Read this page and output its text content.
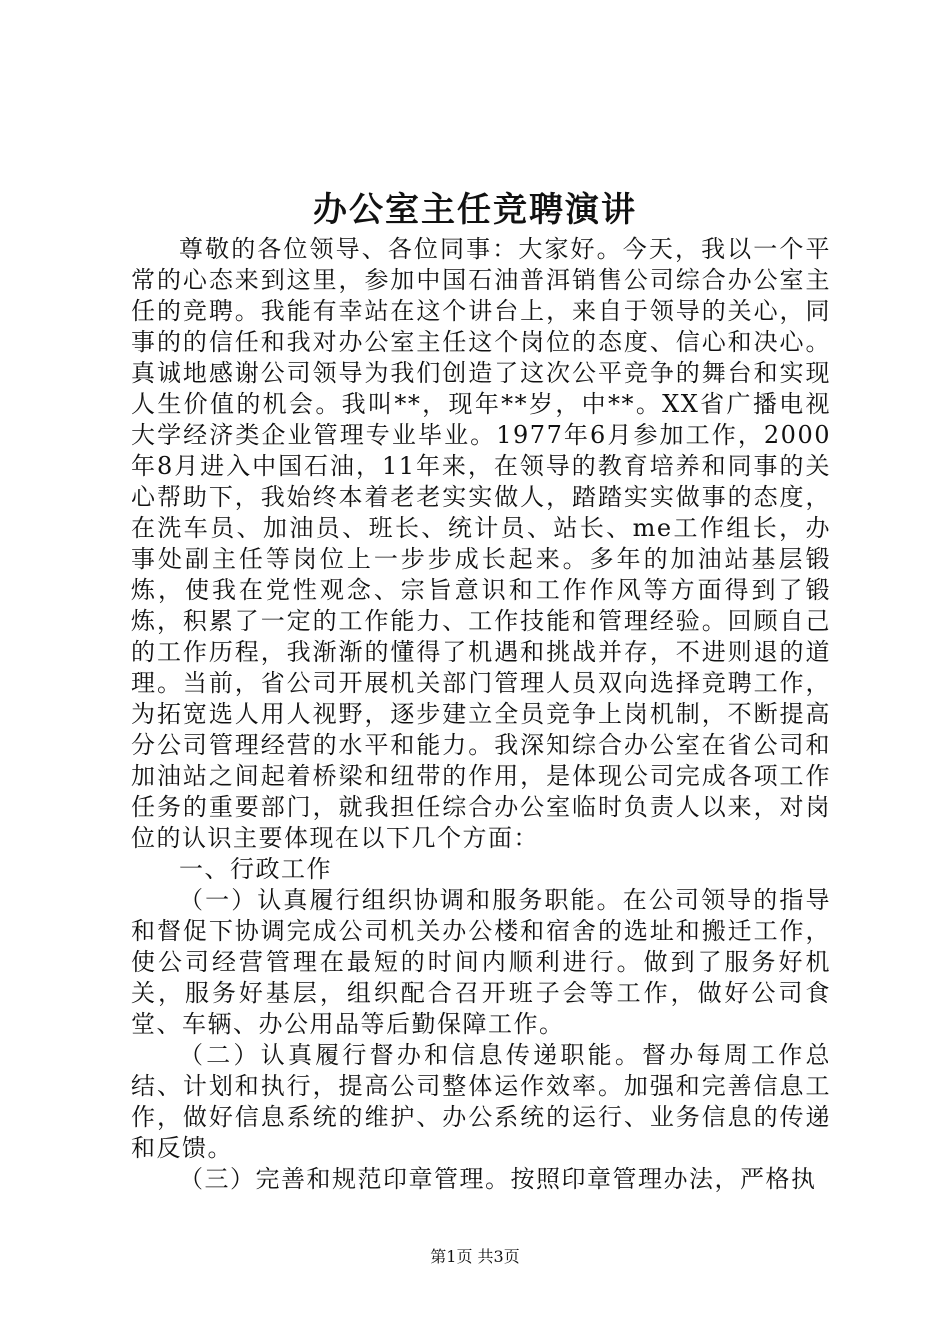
办公室主任竞聘演讲

尊敬的各位领导、各位同事：大家好。今天，我以一个平常的心态来到这里，参加中国石油普洱销售公司综合办公室主任的竞聘。我能有幸站在这个讲台上，来自于领导的关心，同事的的信任和我对办公室主任这个岗位的态度、信心和决心。真诚地感谢公司领导为我们创造了这次公平竞争的舞台和实现人生价值的机会。我叫**，现年**岁，中**。XX省广播电视大学经济类企业管理专业毕业。1977年6月参加工作，2000年8月进入中国石油，11年来，在领导的教育培养和同事的关心帮助下，我始终本着老老实实做人，踏踏实实做事的态度，在洗车员、加油员、班长、统计员、站长、me工作组长，办事处副主任等岗位上一步步成长起来。多年的加油站基层锻炼，使我在党性观念、宗旨意识和工作作风等方面得到了锻炼，积累了一定的工作能力、工作技能和管理经验。回顾自己的工作历程，我渐渐的懂得了机遇和挑战并存，不进则退的道理。当前，省公司开展机关部门管理人员双向选择竞聘工作，为拓宽选人用人视野，逐步建立全员竞争上岗机制，不断提高分公司管理经营的水平和能力。我深知综合办公室在省公司和加油站之间起着桥梁和纽带的作用，是体现公司完成各项工作任务的重要部门，就我担任综合办公室临时负责人以来，对岗位的认识主要体现在以下几个方面：

一、行政工作

（一）认真履行组织协调和服务职能。在公司领导的指导和督促下协调完成公司机关办公楼和宿舍的选址和搬迁工作，使公司经营管理在最短的时间内顺利进行。做到了服务好机关，服务好基层，组织配合召开班子会等工作，做好公司食堂、车辆、办公用品等后勤保障工作。

（二）认真履行督办和信息传递职能。督办每周工作总结、计划和执行，提高公司整体运作效率。加强和完善信息工作，做好信息系统的维护、办公系统的运行、业务信息的传递和反馈。

（三）完善和规范印章管理。按照印章管理办法，严格执

第1页 共3页
